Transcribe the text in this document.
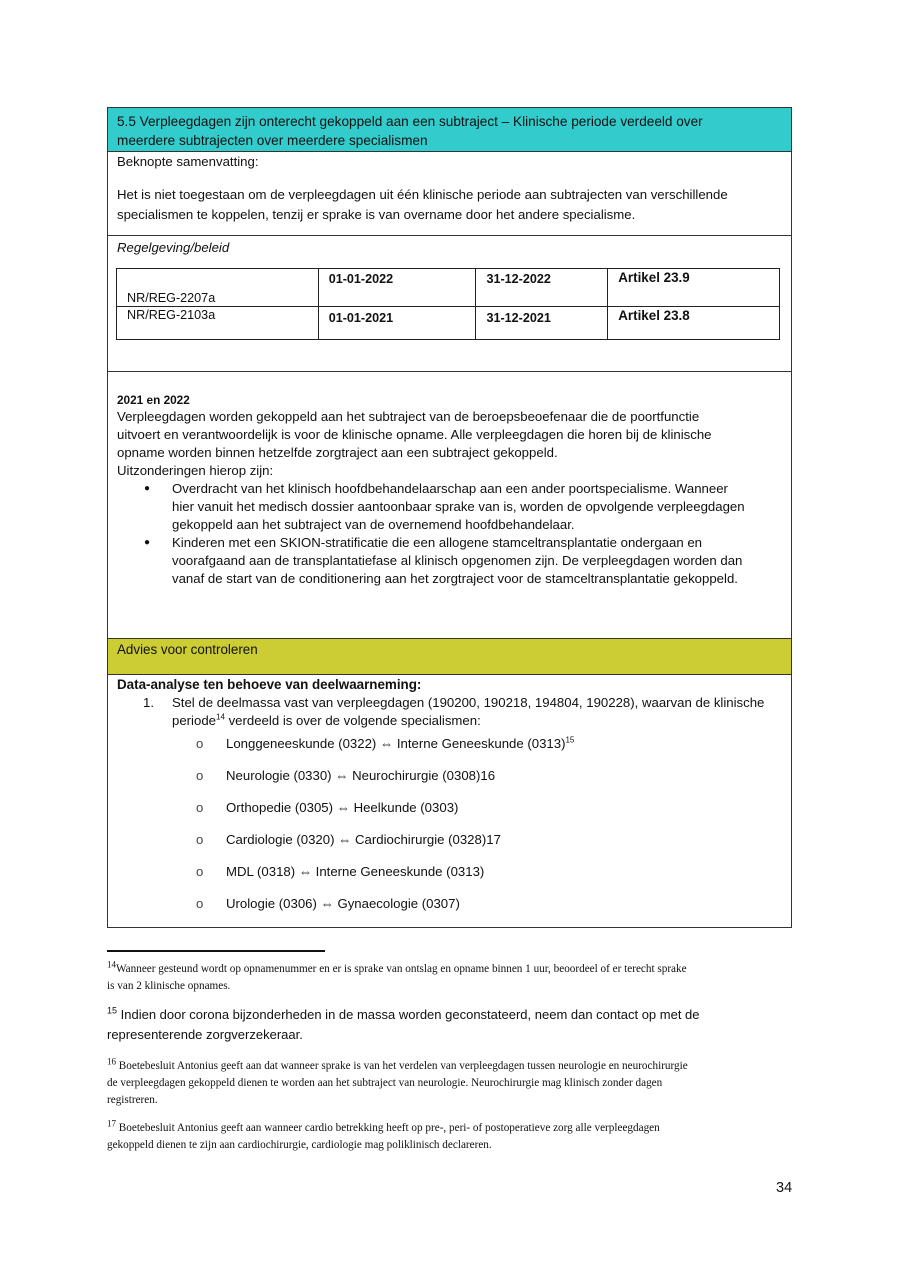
5.5 Verpleegdagen zijn onterecht gekoppeld aan een subtraject – Klinische periode verdeeld over
meerdere subtrajecten over meerdere specialismen
Beknopte samenvatting:
Het is niet toegestaan om de verpleegdagen uit één klinische periode aan subtrajecten van verschillende
specialismen te koppelen, tenzij er sprake is van overname door het andere specialisme.
Regelgeving/beleid
NR/REG-2207a	01-01-2022	31-12-2022	Artikel 23.9
NR/REG-2103a	01-01-2021	31-12-2021	Artikel 23.8
2021 en 2022
Verpleegdagen worden gekoppeld aan het subtraject van de beroepsbeoefenaar die de poortfunctie
uitvoert en verantwoordelijk is voor de klinische opname. Alle verpleegdagen die horen bij de klinische
opname worden binnen hetzelfde zorgtraject aan een subtraject gekoppeld.
Uitzonderingen hierop zijn:
● Overdracht van het klinisch hoofdbehandelaarschap aan een ander poortspecialisme. Wanneer
hier vanuit het medisch dossier aantoonbaar sprake van is, worden de opvolgende verpleegdagen
gekoppeld aan het subtraject van de overnemend hoofdbehandelaar.
● Kinderen met een SKION-stratificatie die een allogene stamceltransplantatie ondergaan en
voorafgaand aan de transplantatiefase al klinisch opgenomen zijn. De verpleegdagen worden dan
vanaf de start van de conditionering aan het zorgtraject voor de stamceltransplantatie gekoppeld.
Advies voor controleren
Data-analyse ten behoeve van deelwaarneming:
1. Stel de deelmassa vast van verpleegdagen (190200, 190218, 194804, 190228), waarvan de klinische
periode$^{14}$ verdeeld is over de volgende specialismen:
o Longgeneeskunde (0322) ⇔ Interne Geneeskunde $(0313)^{15}$
o Neurologie (0330) ⇔ Neurochirurgie (0308)16
o Orthopedie (0305) ⇔ Heelkunde (0303)
o Cardiologie (0320) ⇔ Cardiochirurgie (0328)17
o MDL (0318) ⇔ Interne Geneeskunde (0313)
o Urologie (0306) ⇔ Gynaecologie (0307)
$^{14}$Wanneer gesteund wordt op opnamenummer en er is sprake van ontslag en opname binnen 1 uur, beoordeel of er terecht sprake
is van 2 klinische opnames.
$^{15}$ Indien door corona bijzonderheden in de massa worden geconstateerd, neem dan contact op met de
representerende zorgverzekeraar.
$^{16}$ Boetebesluit Antonius geeft aan dat wanneer sprake is van het verdelen van verpleegdagen tussen neurologie en neurochirurgie
de verpleegdagen gekoppeld dienen te worden aan het subtraject van neurologie. Neurochirurgie mag klinisch zonder dagen
registreren.
$^{17}$ Boetebesluit Antonius geeft aan wanneer cardio betrekking heeft op pre-, peri- of postoperatieve zorg alle verpleegdagen
gekoppeld dienen te zijn aan cardiochirurgie, cardiologie mag poliklinisch declareren.
34
